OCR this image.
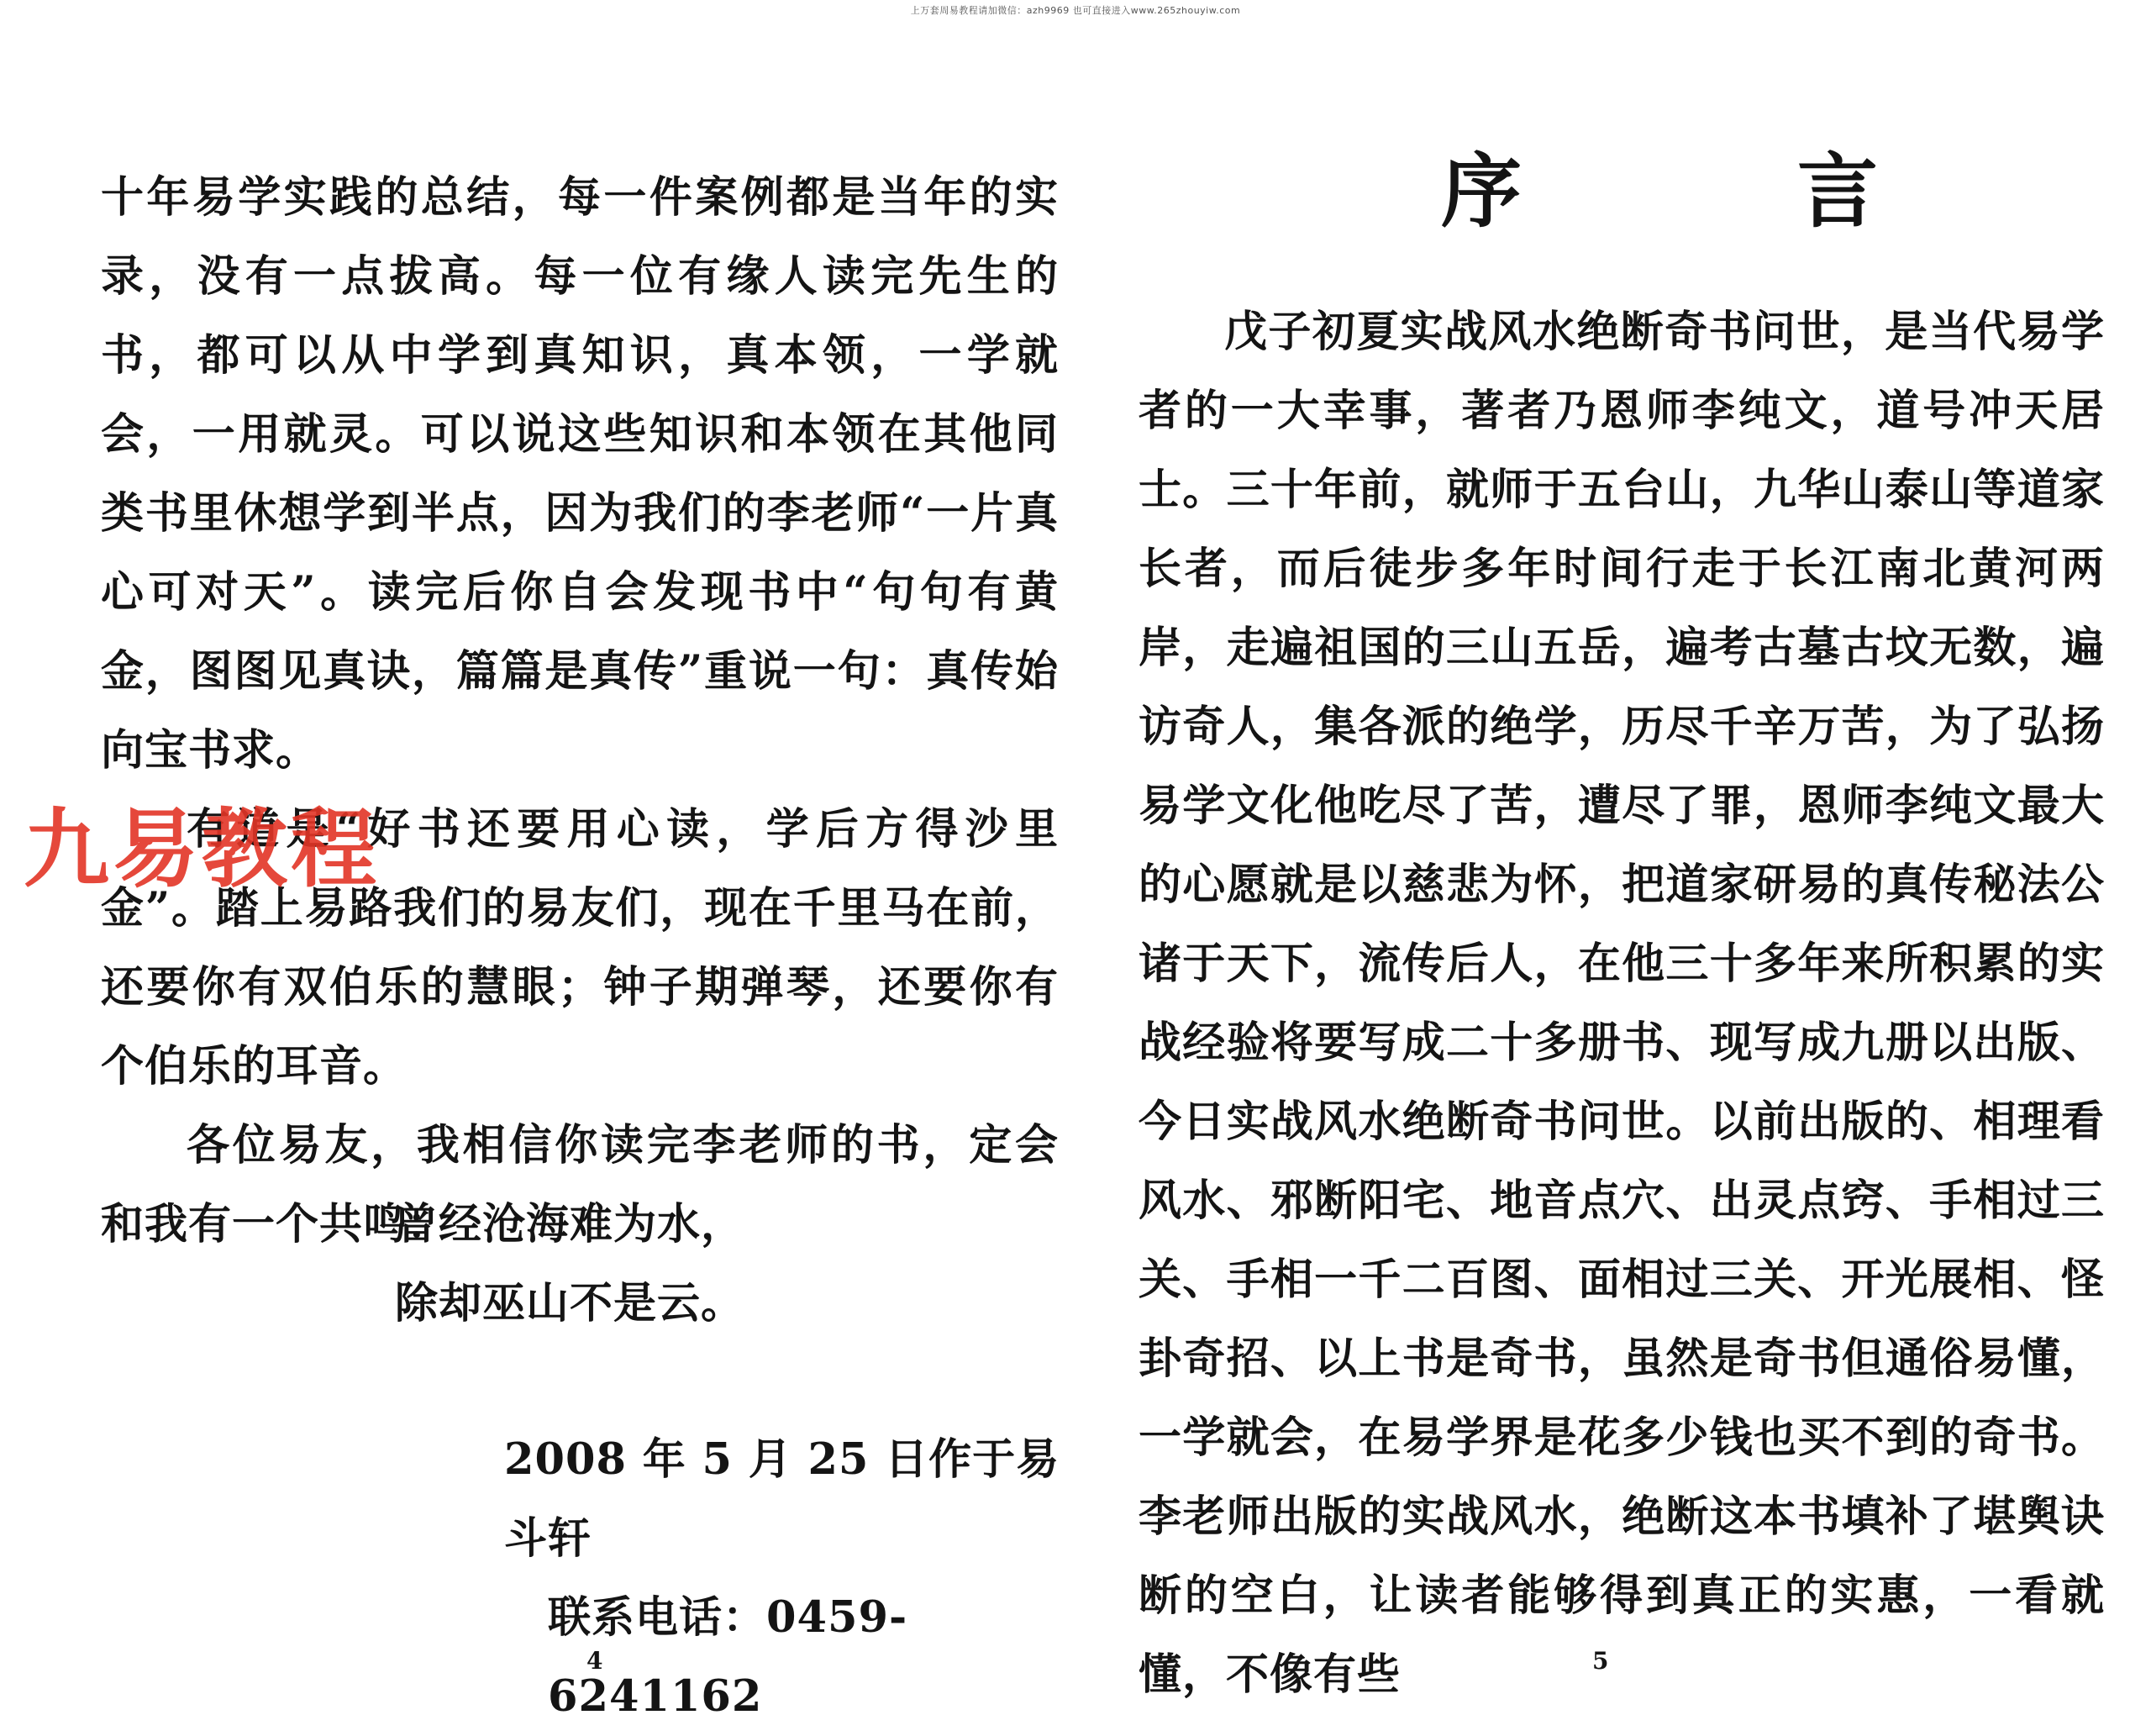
上万套周易教程请加微信：azh9969 也可直接进入www.265zhouyiw.com

十年易学实践的总结，每一件案例都是当年的实录，没有一点拔高。每一位有缘人读完先生的书，都可以从中学到真知识，真本领，一学就会，一用就灵。可以说这些知识和本领在其他同类书里休想学到半点，因为我们的李老师“一片真心可对天”。读完后你自会发现书中“句句有黄金，图图见真诀，篇篇是真传”重说一句：真传始向宝书求。

有道是“好书还要用心读，学后方得沙里金”。踏上易路我们的易友们，现在千里马在前，还要你有双伯乐的慧眼；钟子期弹琴，还要你有个伯乐的耳音。

各位易友，我相信你读完李老师的书，定会和我有一个共鸣：

曾经沧海难为水，
除却巫山不是云。
2008 年 5 月 25 日作于易斗轩
联系电话：0459-6241162
4
序	言

戊子初夏实战风水绝断奇书问世，是当代易学者的一大幸事，著者乃恩师李纯文，道号冲天居士。三十年前，就师于五台山，九华山泰山等道家长者，而后徒步多年时间行走于长江南北黄河两岸，走遍祖国的三山五岳，遍考古墓古坟无数，遍访奇人，集各派的绝学，历尽千辛万苦，为了弘扬易学文化他吃尽了苦，遭尽了罪，恩师李纯文最大的心愿就是以慈悲为怀，把道家研易的真传秘法公诸于天下，流传后人，在他三十多年来所积累的实战经验将要写成二十多册书、现写成九册以出版、今日实战风水绝断奇书问世。以前出版的、相理看风水、邪断阳宅、地音点穴、出灵点窍、手相过三关、手相一千二百图、面相过三关、开光展相、怪卦奇招、以上书是奇书，虽然是奇书但通俗易懂，一学就会，在易学界是花多少钱也买不到的奇书。李老师出版的实战风水，绝断这本书填补了堪舆诀断的空白，让读者能够得到真正的实惠，一看就懂，不像有些	5
九易教程
